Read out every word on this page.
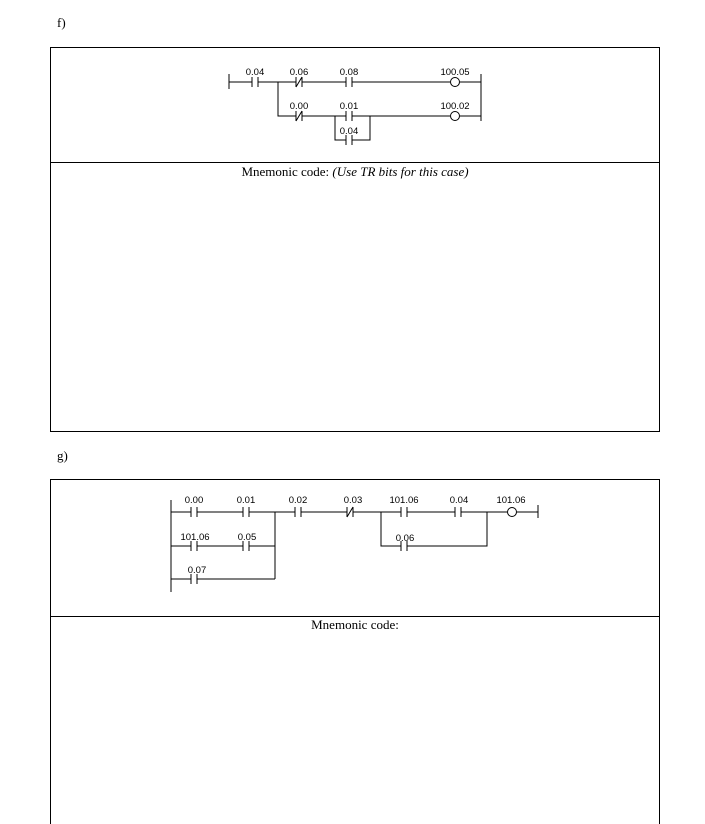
f)
Mnemonic code: (Use TR bits for this case)
0.04	0.06	0.08
0.00	0.01
0.04
100.05
100.02
g)
Mnemonic code:
0.00	0.01	0.02	0.03	101.06	0.04
101.06	0.05	0.06
0.07
101.06
